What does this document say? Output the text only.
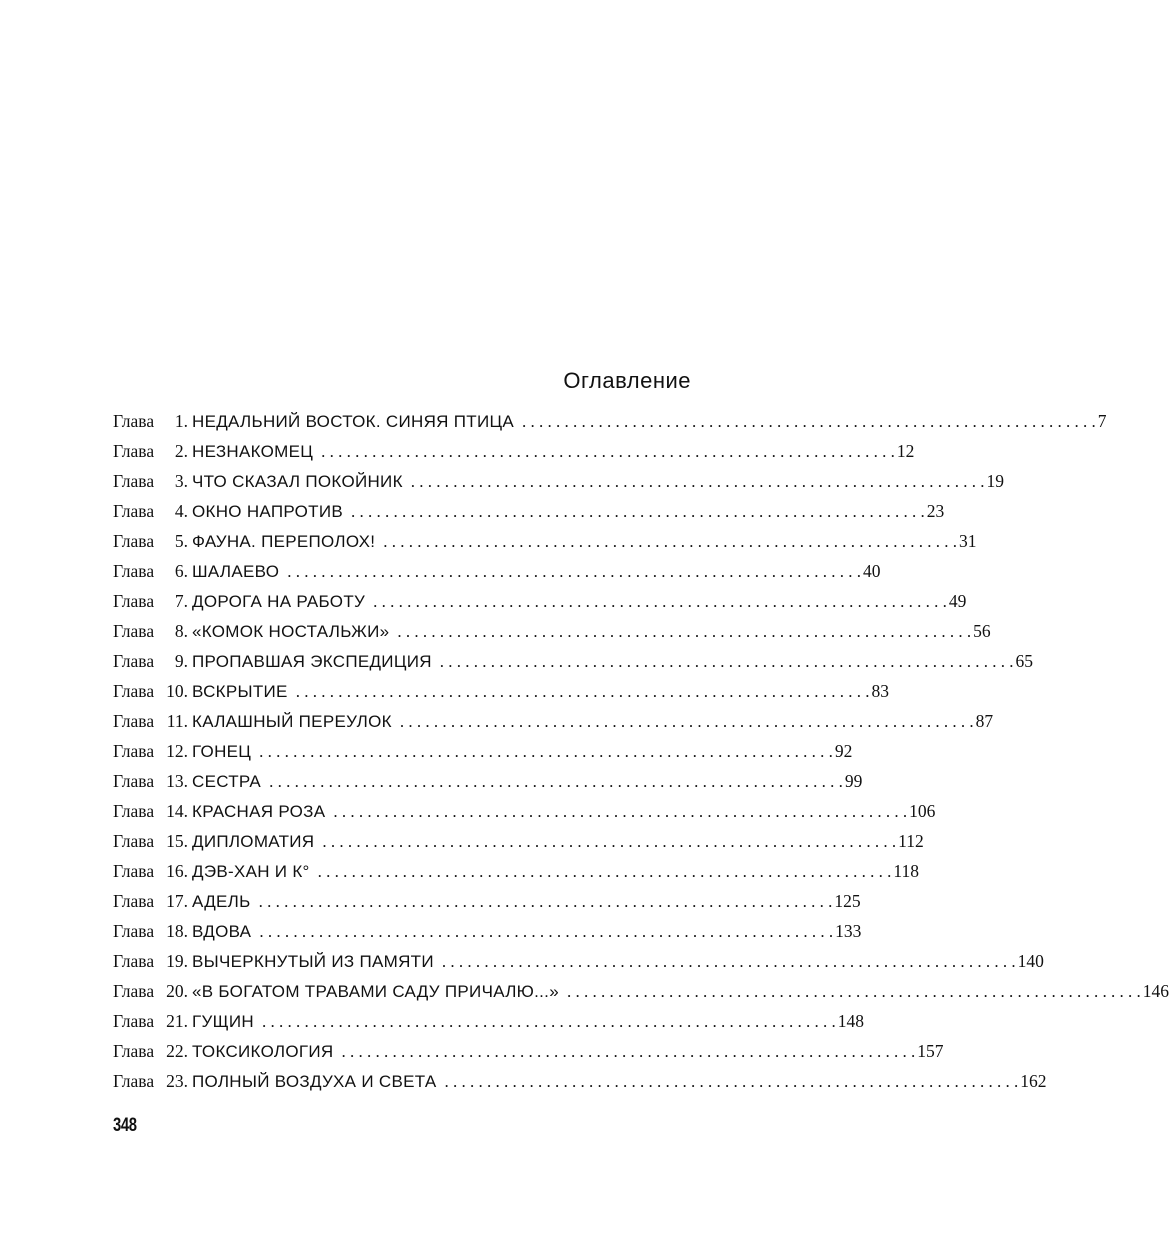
Оглавление
Глава	1. НЕДАЛЬНИЙ ВОСТОК. СИНЯЯ ПТИЦА . . .	7
Глава	2. НЕЗНАКОМЕЦ . . .	12
Глава	3. ЧТО СКАЗАЛ ПОКОЙНИК . . .	19
Глава	4. ОКНО НАПРОТИВ . . .	23
Глава	5. ФАУНА. ПЕРЕПОЛОХ! . . .	31
Глава	6. ШАЛАЕВО . . .	40
Глава	7. ДОРОГА НА РАБОТУ . . .	49
Глава	8. «КОМОК НОСТАЛЬЖИ» . . .	56
Глава	9. ПРОПАВШАЯ ЭКСПЕДИЦИЯ . . .	65
Глава 10. ВСКРЫТИЕ . . .	83
Глава 11. КАЛАШНЫЙ ПЕРЕУЛОК . . .	87
Глава 12. ГОНЕЦ . . .	92
Глава 13. СЕСТРА . . .	99
Глава 14. КРАСНАЯ РОЗА . . .	106
Глава 15. ДИПЛОМАТИЯ . . .	112
Глава 16. ДЭВ-ХАН И К° . . .	118
Глава 17. АДЕЛЬ . . .	125
Глава 18. ВДОВА . . .	133
Глава 19. ВЫЧЕРКНУТЫЙ ИЗ ПАМЯТИ . . .	140
Глава 20. «В БОГАТОМ ТРАВАМИ САДУ ПРИЧАЛЮ...» . . .	146
Глава 21. ГУЩИН . . .	148
Глава 22. ТОКСИКОЛОГИЯ . . .	157
Глава 23. ПОЛНЫЙ ВОЗДУХА И СВЕТА . . .	162
348
